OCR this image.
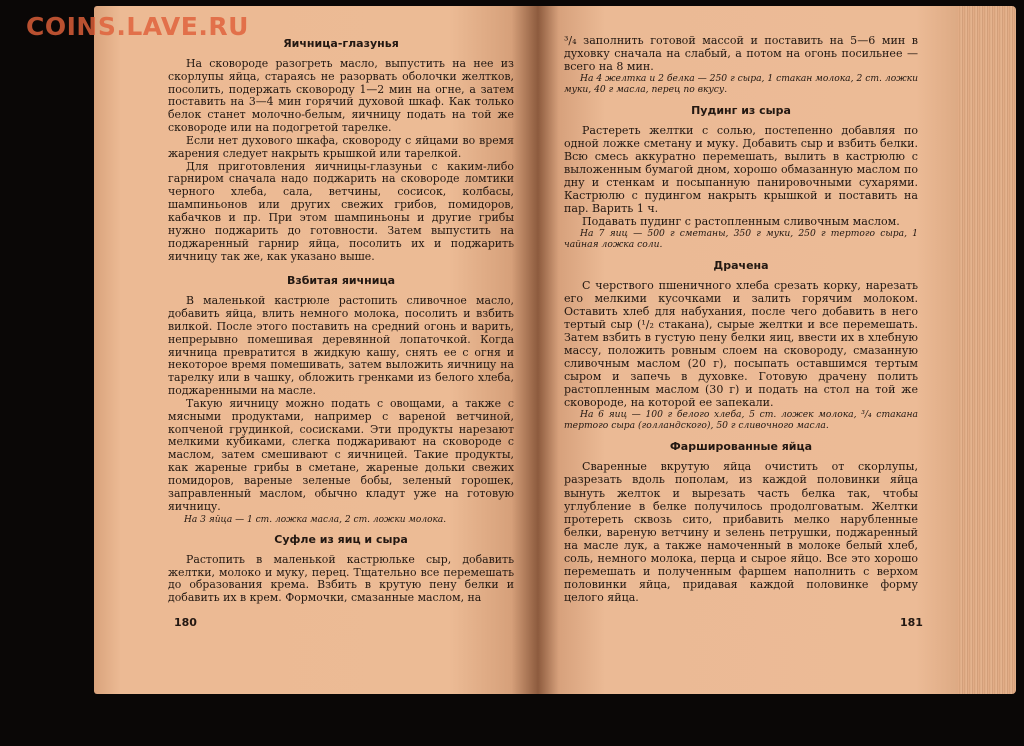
COINS.LAVE.RU
Яичница-глазунья

На сковороде разогреть масло, выпустить на нее из скорлупы яйца, стараясь не разорвать оболочки желтков, посолить, подержать сковороду 1—2 мин на огне, а затем поставить на 3—4 мин горячий духовой шкаф. Как только белок станет молочно-белым, яичницу подать на той же сковороде или на подогретой тарелке.

Если нет духового шкафа, сковороду с яйцами во время жарения следует накрыть крышкой или тарелкой.

Для приготовления яичницы-глазуньи с каким-либо гарниром сначала надо поджарить на сковороде ломтики черного хлеба, сала, ветчины, сосисок, колбасы, шампиньонов или других свежих грибов, помидоров, кабачков и пр. При этом шампиньоны и другие грибы нужно поджарить до готовности. Затем выпустить на поджаренный гарнир яйца, посолить их и поджарить яичницу так же, как указано выше.

Взбитая яичница

В маленькой кастрюле растопить сливочное масло, добавить яйца, влить немного молока, посолить и взбить вилкой. После этого поставить на средний огонь и варить, непрерывно помешивая деревянной лопаточкой. Когда яичница превратится в жидкую кашу, снять ее с огня и некоторое время помешивать, затем выложить яичницу на тарелку или в чашку, обложить гренками из белого хлеба, поджаренными на масле.

Такую яичницу можно подать с овощами, а также с мясными продуктами, например с вареной ветчиной, копченой грудинкой, сосисками. Эти продукты нарезают мелкими кубиками, слегка поджаривают на сковороде с маслом, затем смешивают с яичницей. Такие продукты, как жареные грибы в сметане, жареные дольки свежих помидоров, вареные зеленые бобы, зеленый горошек, заправленный маслом, обычно кладут уже на готовую яичницу.

На 3 яйца — 1 ст. ложка масла, 2 ст. ложки молока.

Суфле из яиц и сыра

Растопить в маленькой кастрюльке сыр, добавить желтки, молоко и муку, перец. Тщательно все перемешать до образования крема. Взбить в крутую пену белки и добавить их в крем. Формочки, смазанные маслом, на

180

³/₄ заполнить готовой массой и поставить на 5—6 мин в духовку сначала на слабый, а потом на огонь посильнее — всего на 8 мин.

На 4 желтка и 2 белка — 250 г сыра, 1 стакан молока, 2 ст. ложки муки, 40 г масла, перец по вкусу.

Пудинг из сыра

Растереть желтки с солью, постепенно добавляя по одной ложке сметану и муку. Добавить сыр и взбить белки. Всю смесь аккуратно перемешать, вылить в кастрюлю с выложенным бумагой дном, хорошо обмазанную маслом по дну и стенкам и посыпанную панировочными сухарями. Кастрюлю с пудингом накрыть крышкой и поставить на пар. Варить 1 ч.

Подавать пудинг с растопленным сливочным маслом.

На 7 яиц — 500 г сметаны, 350 г муки, 250 г тертого сыра, 1 чайная ложка соли.

Драчена

С черствого пшеничного хлеба срезать корку, нарезать его мелкими кусочками и залить горячим молоком. Оставить хлеб для набухания, после чего добавить в него тертый сыр (¹/₂ стакана), сырые желтки и все перемешать. Затем взбить в густую пену белки яиц, ввести их в хлебную массу, положить ровным слоем на сковороду, смазанную сливочным маслом (20 г), посыпать оставшимся тертым сыром и запечь в духовке. Готовую драчену полить растопленным маслом (30 г) и подать на стол на той же сковороде, на которой ее запекали.

На 6 яиц — 100 г белого хлеба, 5 ст. ложек молока, ³/₄ стакана тертого сыра (голландского), 50 г сливочного масла.

Фаршированные яйца

Сваренные вкрутую яйца очистить от скорлупы, разрезать вдоль пополам, из каждой половинки яйца вынуть желток и вырезать часть белка так, чтобы углубление в белке получилось продолговатым. Желтки протереть сквозь сито, прибавить мелко нарубленные белки, вареную ветчину и зелень петрушки, поджаренный на масле лук, а также намоченный в молоке белый хлеб, соль, немного молока, перца и сырое яйцо. Все это хорошо перемешать и полученным фаршем наполнить с верхом половинки яйца, придавая каждой половинке форму целого яйца.

181
